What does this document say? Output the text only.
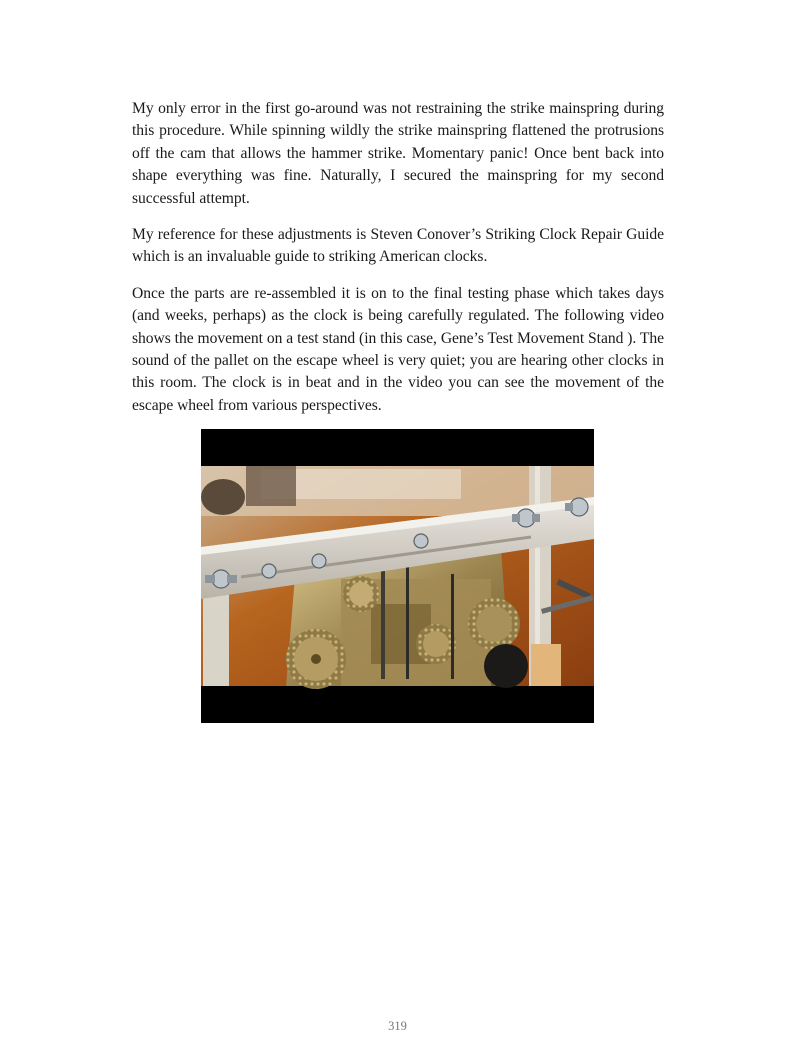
My only error in the first go-around was not restraining the strike mainspring during this procedure. While spinning wildly the strike mainspring flattened the protrusions off the cam that allows the hammer strike. Momentary panic! Once bent back into shape everything was fine. Naturally, I secured the mainspring for my second successful attempt.

My reference for these adjustments is Steven Conover’s Striking Clock Repair Guide which is an invaluable guide to striking American clocks.

Once the parts are re-assembled it is on to the final testing phase which takes days (and weeks, perhaps) as the clock is being carefully regulated. The following video shows the movement on a test stand (in this case, Gene’s Test Movement Stand ). The sound of the pallet on the escape wheel is very quiet; you are hearing other clocks in this room. The clock is in beat and in the video you can see the movement of the escape wheel from various perspectives.

319
